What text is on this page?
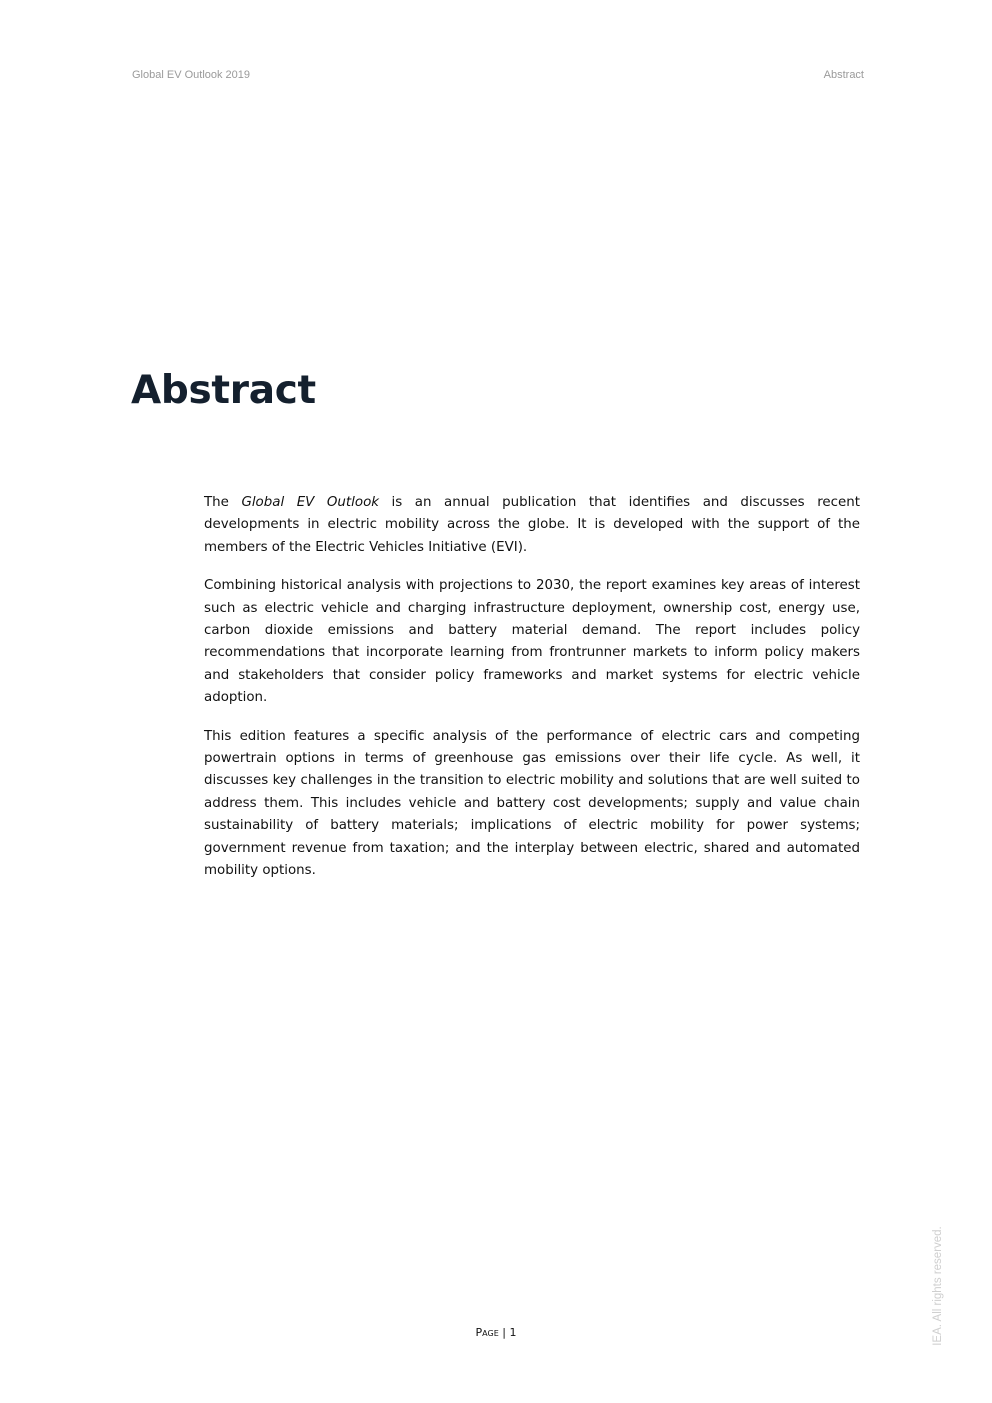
Global EV Outlook 2019	Abstract
Abstract

The Global EV Outlook is an annual publication that identifies and discusses recent developments in electric mobility across the globe. It is developed with the support of the members of the Electric Vehicles Initiative (EVI).

Combining historical analysis with projections to 2030, the report examines key areas of interest such as electric vehicle and charging infrastructure deployment, ownership cost, energy use, carbon dioxide emissions and battery material demand. The report includes policy recommendations that incorporate learning from frontrunner markets to inform policy makers and stakeholders that consider policy frameworks and market systems for electric vehicle adoption.

This edition features a specific analysis of the performance of electric cars and competing powertrain options in terms of greenhouse gas emissions over their life cycle. As well, it discusses key challenges in the transition to electric mobility and solutions that are well suited to address them. This includes vehicle and battery cost developments; supply and value chain sustainability of battery materials; implications of electric mobility for power systems; government revenue from taxation; and the interplay between electric, shared and automated mobility options.

Page | 1	IEA. All rights reserved.
